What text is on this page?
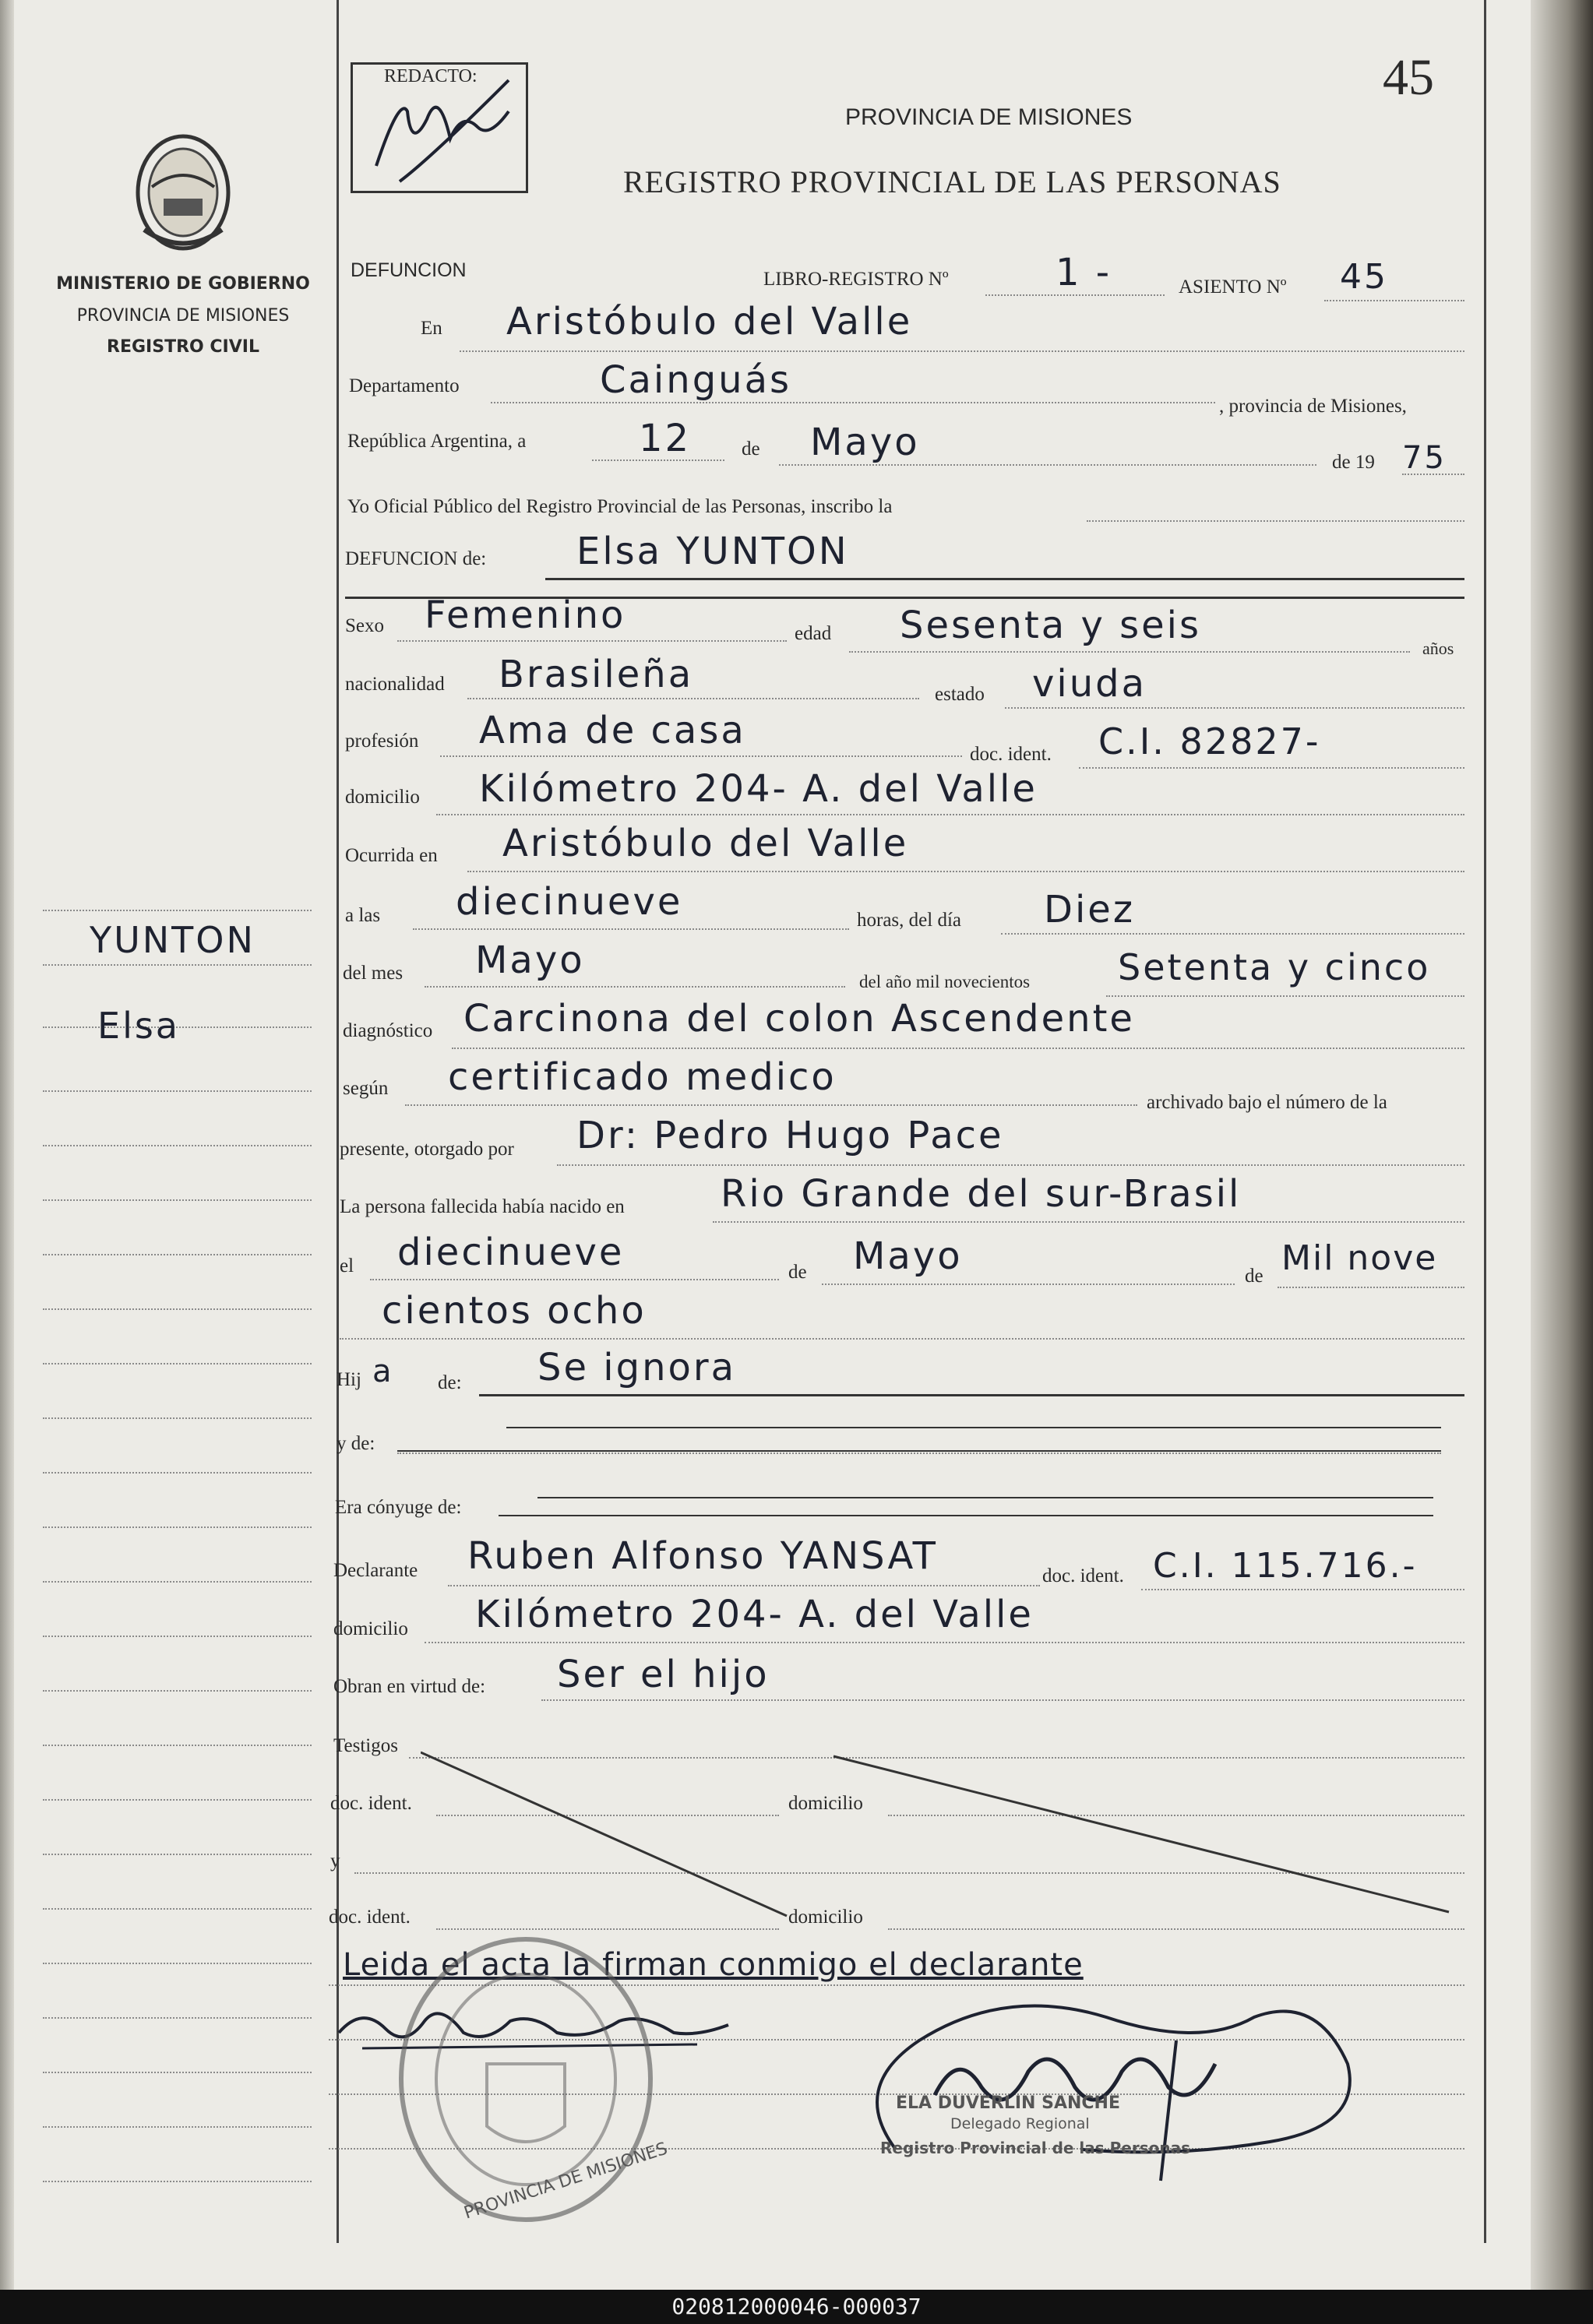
MINISTERIO DE GOBIERNO
PROVINCIA DE MISIONES
REGISTRO CIVIL
YUNTON
Elsa
REDACTO:	45
PROVINCIA DE MISIONES
REGISTRO PROVINCIAL DE LAS PERSONAS
DEFUNCION	LIBRO-REGISTRO Nº	1 -	ASIENTO Nº 45
En Aristóbulo del Valle
Departamento	Cainguás
, provincia de Misiones,
República Argentina, a	12	de Mayo	de 19 75
Yo Oficial Público del Registro Provincial de las Personas, inscribo la
DEFUNCION de: Elsa YUNTON
Sexo Femenino	edad Sesenta y seis
años
nacionalidad Brasileña	estado viuda
profesión Ama de casa
doc. ident. C.I. 82827-
domicilio Kilómetro 204- A. del Valle
Ocurrida en Aristóbulo del Valle
a las diecinueve	horas, del día Diez
del mes Mayo	del año mil novecientos Setenta y cinco
diagnóstico Carcinona del colon Ascendente
según certificado medico
archivado bajo el número de la
presente, otorgado por Dr: Pedro Hugo Pace
La persona fallecida había nacido en	Rio Grande del sur-Brasil
el diecinueve	de Mayo	de Mil nove
cientos ocho
Hij a de: Se ignora
y de:
Era cónyuge de:
Declarante Ruben Alfonso YANSAT	doc. ident. C.I. 115.716.-
domicilio Kilómetro 204- A. del Valle
Obran en virtud de: Ser el hijo
Testigos
doc. ident.	domicilio
y
doc. ident.	domicilio
Leida el acta la firman conmigo el declarante
PROVINCIA DE MISIONES
ELA DUVERLIN SANCHE
Delegado Regional
Registro Provincial de las Personas
020812000046-000037
